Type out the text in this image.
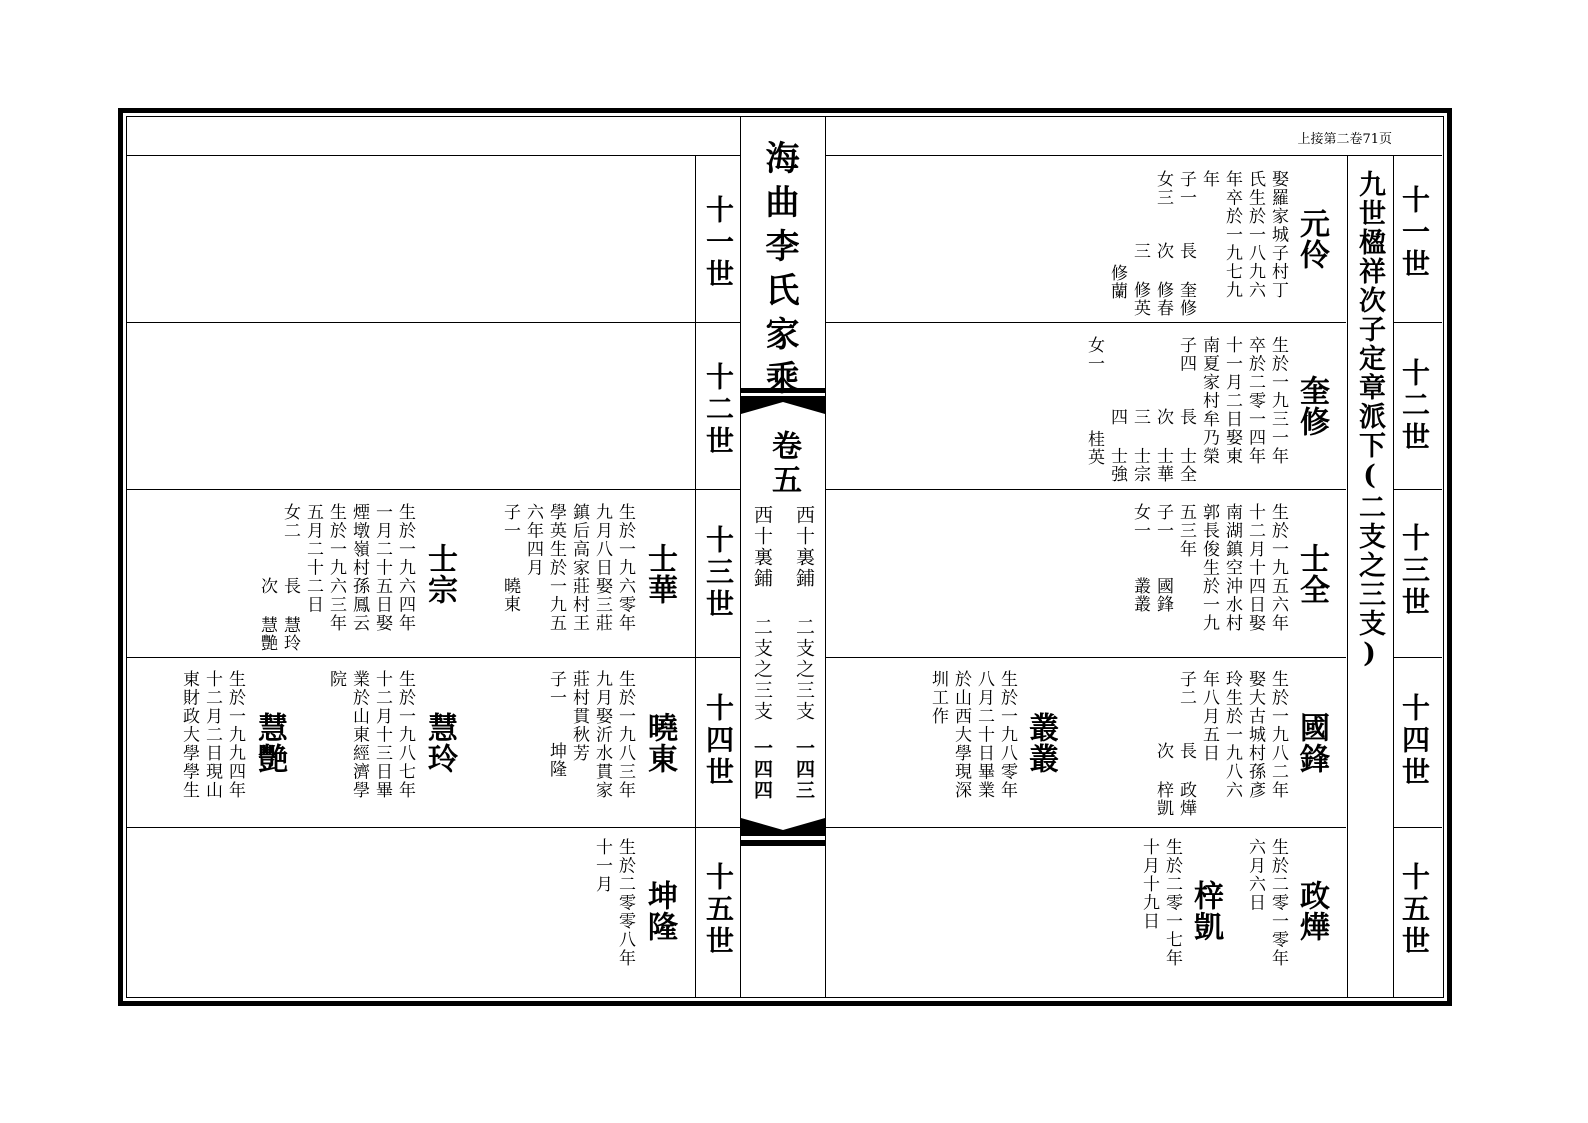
上接第二卷71页
海曲李氏家乘
卷五
西十裏鋪
二支之三支
一四三
西十裏鋪
二支之三支
一四四
九世楹祥次子定章派下(二支之三支) 十一世
十二世
十三世
十四世
十五世
十一世
十二世
十三世
十四世
十五世
元伶
娶羅家城子村丁
氏生於一八九六
年卒於一九七九
年
子一
女三
長 奎修
次 修春
三 修英
修蘭
奎修
生於一九三一年
卒於二零一四年
十一月二日娶東
南夏家村牟乃榮
子四
女一
長 士全
次 士華
三 士宗
四 士強
桂英
士全
生於一九五六年
十二月十四日娶
南湖鎮空沖水村
郭長俊生於一九
五三年
子一
女一
國鋒
叢叢
國鋒
生於一九八二年
娶大古城村孫彥
玲生於一九八六
年八月五日
子二
長 政燁
次 梓凱
叢叢
生於一九八零年
八月二十日畢業
於山西大學現深
圳工作
政燁
生於二零一零年
六月六日
梓凱
生於二零一七年
十月十九日
士華
生於一九六零年
九月八日娶三莊
鎮后高家莊村王
學英生於一九五
六年四月
子一
曉東
士宗
生於一九六四年
一月二十五日娶
煙墩嶺村孫鳳云
生於一九六三年
五月二十二日
女二
長 慧玲
次 慧艷
曉東
生於一九八三年
九月娶沂水貫家
莊村貫秋芳
子一
坤隆
慧玲
生於一九八七年
十二月十三日畢
業於山東經濟學
院
慧艷
生於一九九四年
十二月二日現山
東財政大學學生
坤隆
生於二零零八年
十一月
